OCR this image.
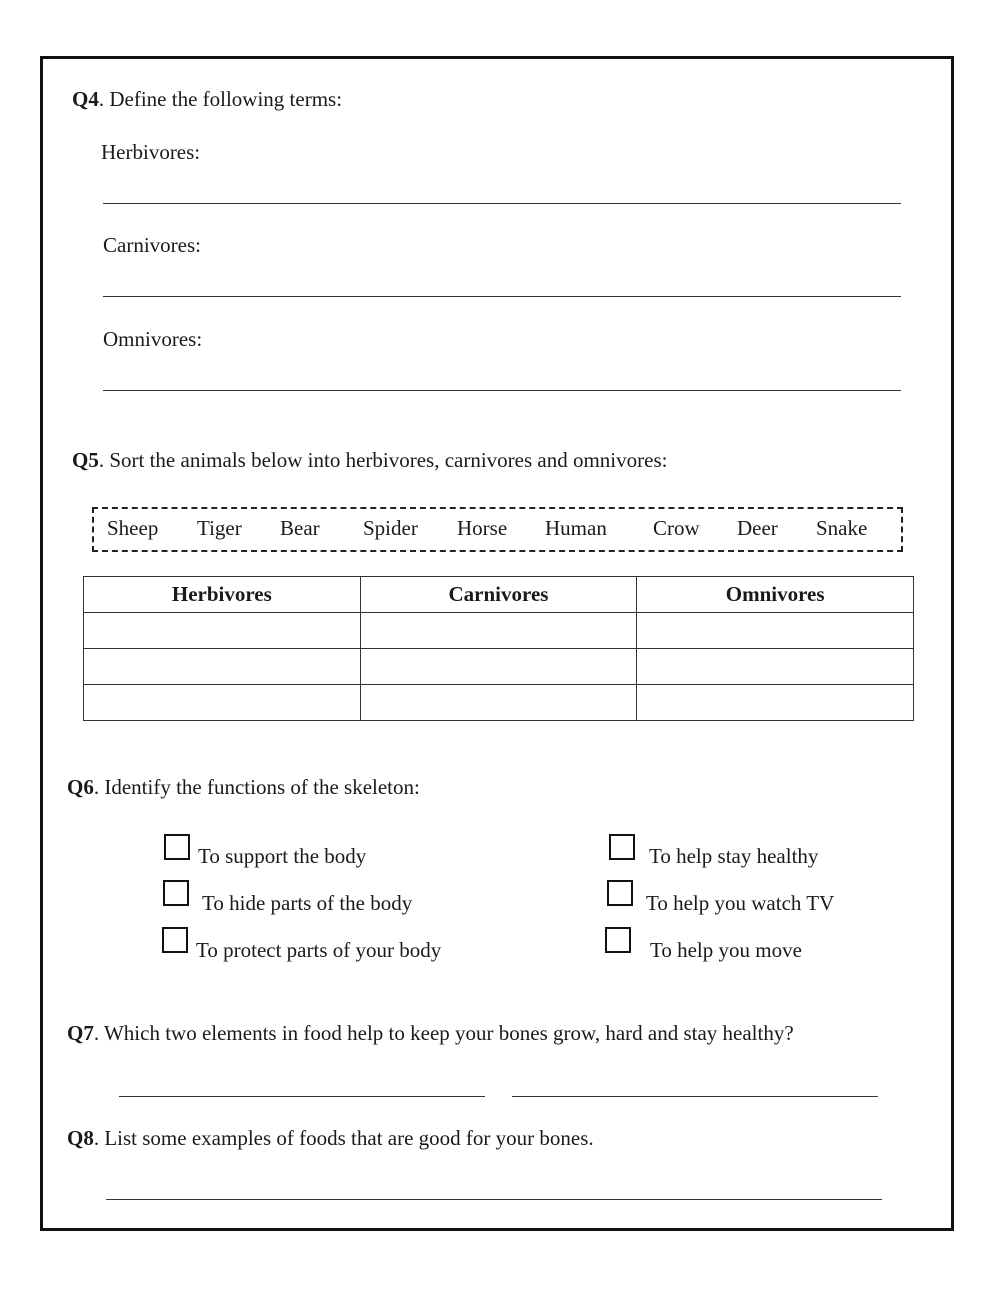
Q4. Define the following terms:
Herbivores:
Carnivores:
Omnivores:
Q5. Sort the animals below into herbivores, carnivores and omnivores:
Sheep Tiger Bear Spider Horse Human Crow Deer Snake
Herbivores	Carnivores	Omnivores

Q6. Identify the functions of the skeleton:
To support the body
To hide parts of the body
To protect parts of your body
To help stay healthy
To help you watch TV
To help you move
Q7. Which two elements in food help to keep your bones grow, hard and stay healthy?
Q8. List some examples of foods that are good for your bones.
